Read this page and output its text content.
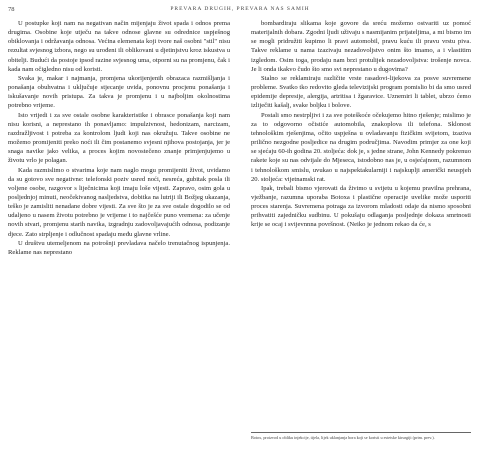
78	PREVARA DRUGIH, PREVARA NAS SAMIH

U postupke koji nam na negativan način mijenjaju život spada i odnos prema drugima. Osobine koje utječu na takve odnose glavne su odrednice uspješnog obiklovanja i održavanja odnosa. Većina elemenata koji tvore naš osobni "stil" nisu rezultat svjesnog izbora, nego su urođeni ili oblikovani u djetinjstvu kroz iskustva u obitelji. Budući da postoje ipsod razine svjesnog uma, otporni su na promjenu, čak i kada nam očigledno nisu od koristi.

Svaka je, makar i najmanja, promjena ukorijenjenih obrazaca razmišljanja i ponašanja obuhvatna i uključuje stjecanje uvida, ponovnu procjenu ponašanja i iskušavanje novih pristupa. Za takva je promjenu i u najboljim okolnostima potrebno vrijeme.

Isto vrijedi i za sve ostale osobne karakteristike i obrasce ponašanja koji nam nisu korisni, a neprestano ih ponavljamo: impulzivnost, hedonizam, narcizam, razdražljivost i potreba za kontrolom ljudi koji nas okružuju. Takve osobine ne možemo promijeniti preko noći ili čim postanemo svjesni njihova postojanja, jer je snaga navike jako velika, a proces kojim novostečeno znanje primjenjujemo u životu vrlo je polagan.

Kada razmislimo o stvarima koje nam naglo mogu promijeniti život, uvidamo da su gotovo sve negativne: telefonski poziv usred noći, nesreća, gubitak posla ili voljene osobe, razgovor s liječnicima koji imaju loše vijesti. Zapravo, osim gola u posljednjoj minuti, neočekivanog nasljedstva, dobitka na lutriji ili Božjeg ukazanja, teško je zamisliti nenadane dobre vijesti. Za sve što je za sve ostale dogodilo se od udaljeno u nasem životu potrebno je vrijeme i to najčešće puno vremena: za učenje novih stvari, promjenu starih navika, izgradnju zadovoljavajućih odnosa, podizanje djece. Zato strpljenje i odlučnost spadaju među glavne vrline.

U društvu utemeljenom na potrošnji prevladava načelo trenutačnog ispunjenja. Reklame nas neprestano

bombardiraju slikama koje govore da sreću možemo ostvariti uz pomoć materijalnih dobara. Zgodni ljudi uživaju s nasmijanim prijateljima, a mi bismo im se mogli pridružiti kupimo li pravi automobil, pravu kuću ili pravu vrstu piva. Takve reklame u nama izazivaju nezadovoljstvo onim što imamo, a i vlastitim izgledom. Osim toga, prodaju nam brzi protulijek nezadovoljstva: trošenje novca. Je li onda ikakvo čudo što smo svi neprestano u dugovima?

Stalno se reklamiraju različite vrste rasadovi-lijekova za posve suvremene probleme. Svatko tko redovito gleda televizijski program pomislio bi da smo usred epidemije depresije, alergija, artritisa i žgaravice. Uznemiri li tablet, ubrzo ćemo izliječiti kašalj, svake boljku i bolove.

Postali smo nestrpljivi i za sve poteškoće očekujemo hitno rješenje; mislimo je za to odgovorno očistiće automobila, znakoplova ili telefona. Sklonost tehnološkim rješenjima, očito uspješna u ovladavanju fizičkim svijetom, izaziva prilično nezgodne posljedice na drugim područjima. Navodim primjer za one koji se sjećaju 60-ih godina 20. stoljeća: dok je, s jedne strane, John Kennedy pokrenuo rakete koje su nas odvijale do Mjeseca, istodobno nas je, u osjećajnom, razumnom i tehnološkom smislu, uvukao u najspektakularniji i najskuplji američki neuspjeh 20. stoljeća: vijetnamski rat.

Ipak, trebali bismo vjerovati da živimo u svijetu u kojemu pravilna prehrana, vježbanje, razumna uporaba Botoxa i plastične operacije uvelike može usporiti proces starenja. Suvremena potraga za izvorom mladosti odaje da nismo sposobni prihvatiti zajedničku sudbinu. U pokušaju odlaganja posljednje dokaza smrtnosti krije se ocaj i svijevnnna površnost. (Neiko je jednom rekao da će, s

Botox, proizvod u obliku injekcije, tijela, lijek uklanjanja bora koji se koristi u estetske kirurgiji (prim. prev.).
